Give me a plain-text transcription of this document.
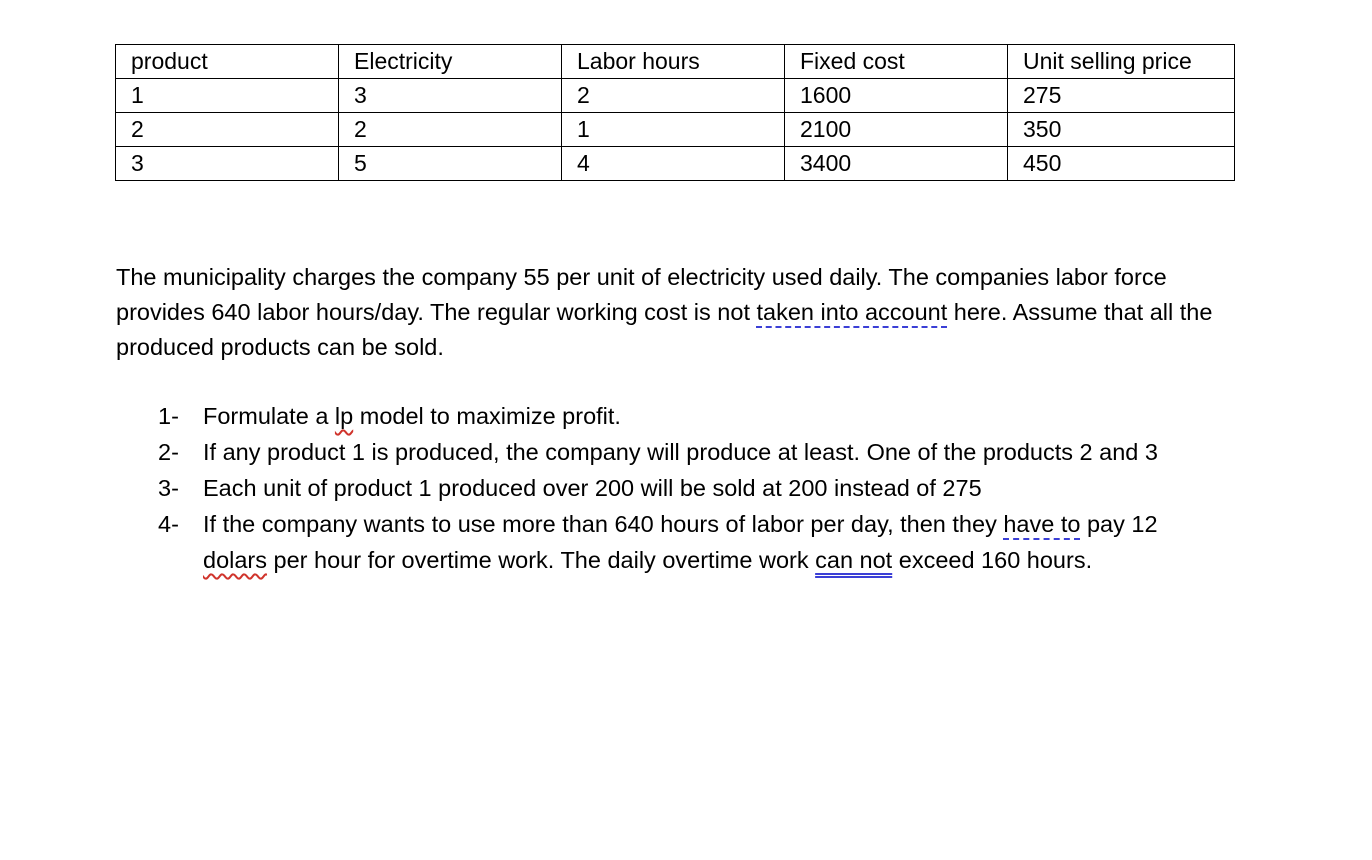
product	Electricity	Labor hours	Fixed cost	Unit selling price
1	3	2	1600	275
2	2	1	2100	350
3	5	4	3400	450

The municipality charges the company 55 per unit of electricity used daily. The companies labor force provides 640 labor hours/day. The regular working cost is not taken into account here. Assume that all the produced products can be sold.

1-	Formulate a lp model to maximize profit.
2-	If any product 1 is produced, the company will produce at least. One of the products 2 and 3
3-	Each unit of product 1 produced over 200 will be sold at 200 instead of 275
4-	If the company wants to use more than 640 hours of labor per day, then they have to pay 12 dolars per hour for overtime work. The daily overtime work can not exceed 160 hours.
